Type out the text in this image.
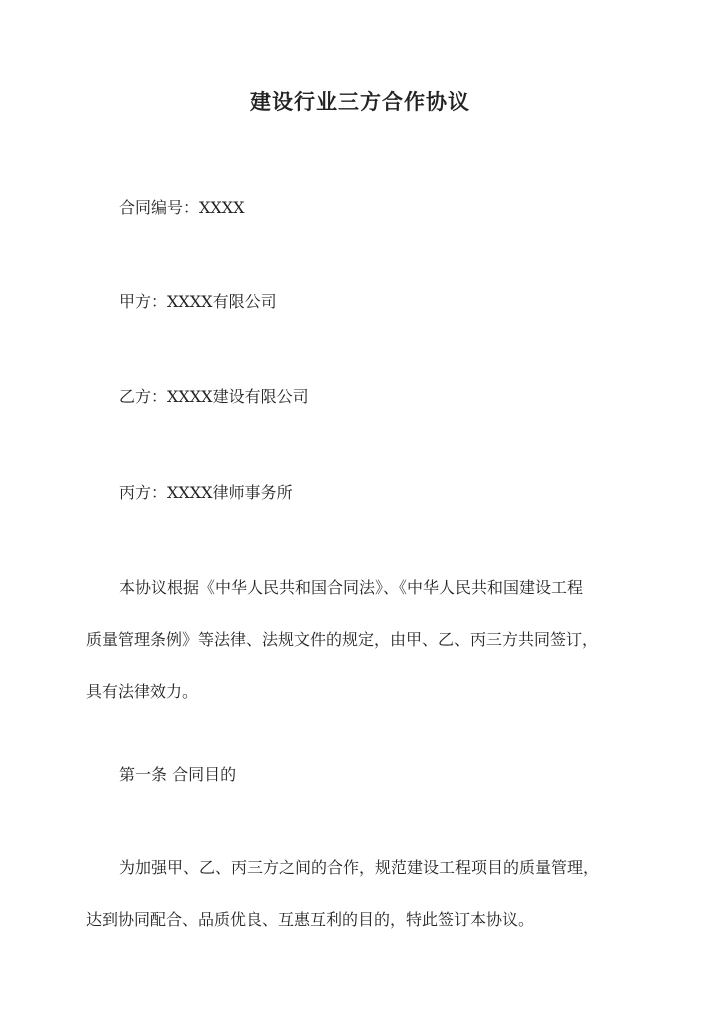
建设行业三方合作协议
合同编号：XXXX
甲方：XXXX有限公司
乙方：XXXX建设有限公司
丙方：XXXX律师事务所
本协议根据《中华人民共和国合同法》、《中华人民共和国建设工程
质量管理条例》等法律、法规文件的规定，由甲、乙、丙三方共同签订，
具有法律效力。
第一条 合同目的
为加强甲、乙、丙三方之间的合作，规范建设工程项目的质量管理，
达到协同配合、品质优良、互惠互利的目的，特此签订本协议。
